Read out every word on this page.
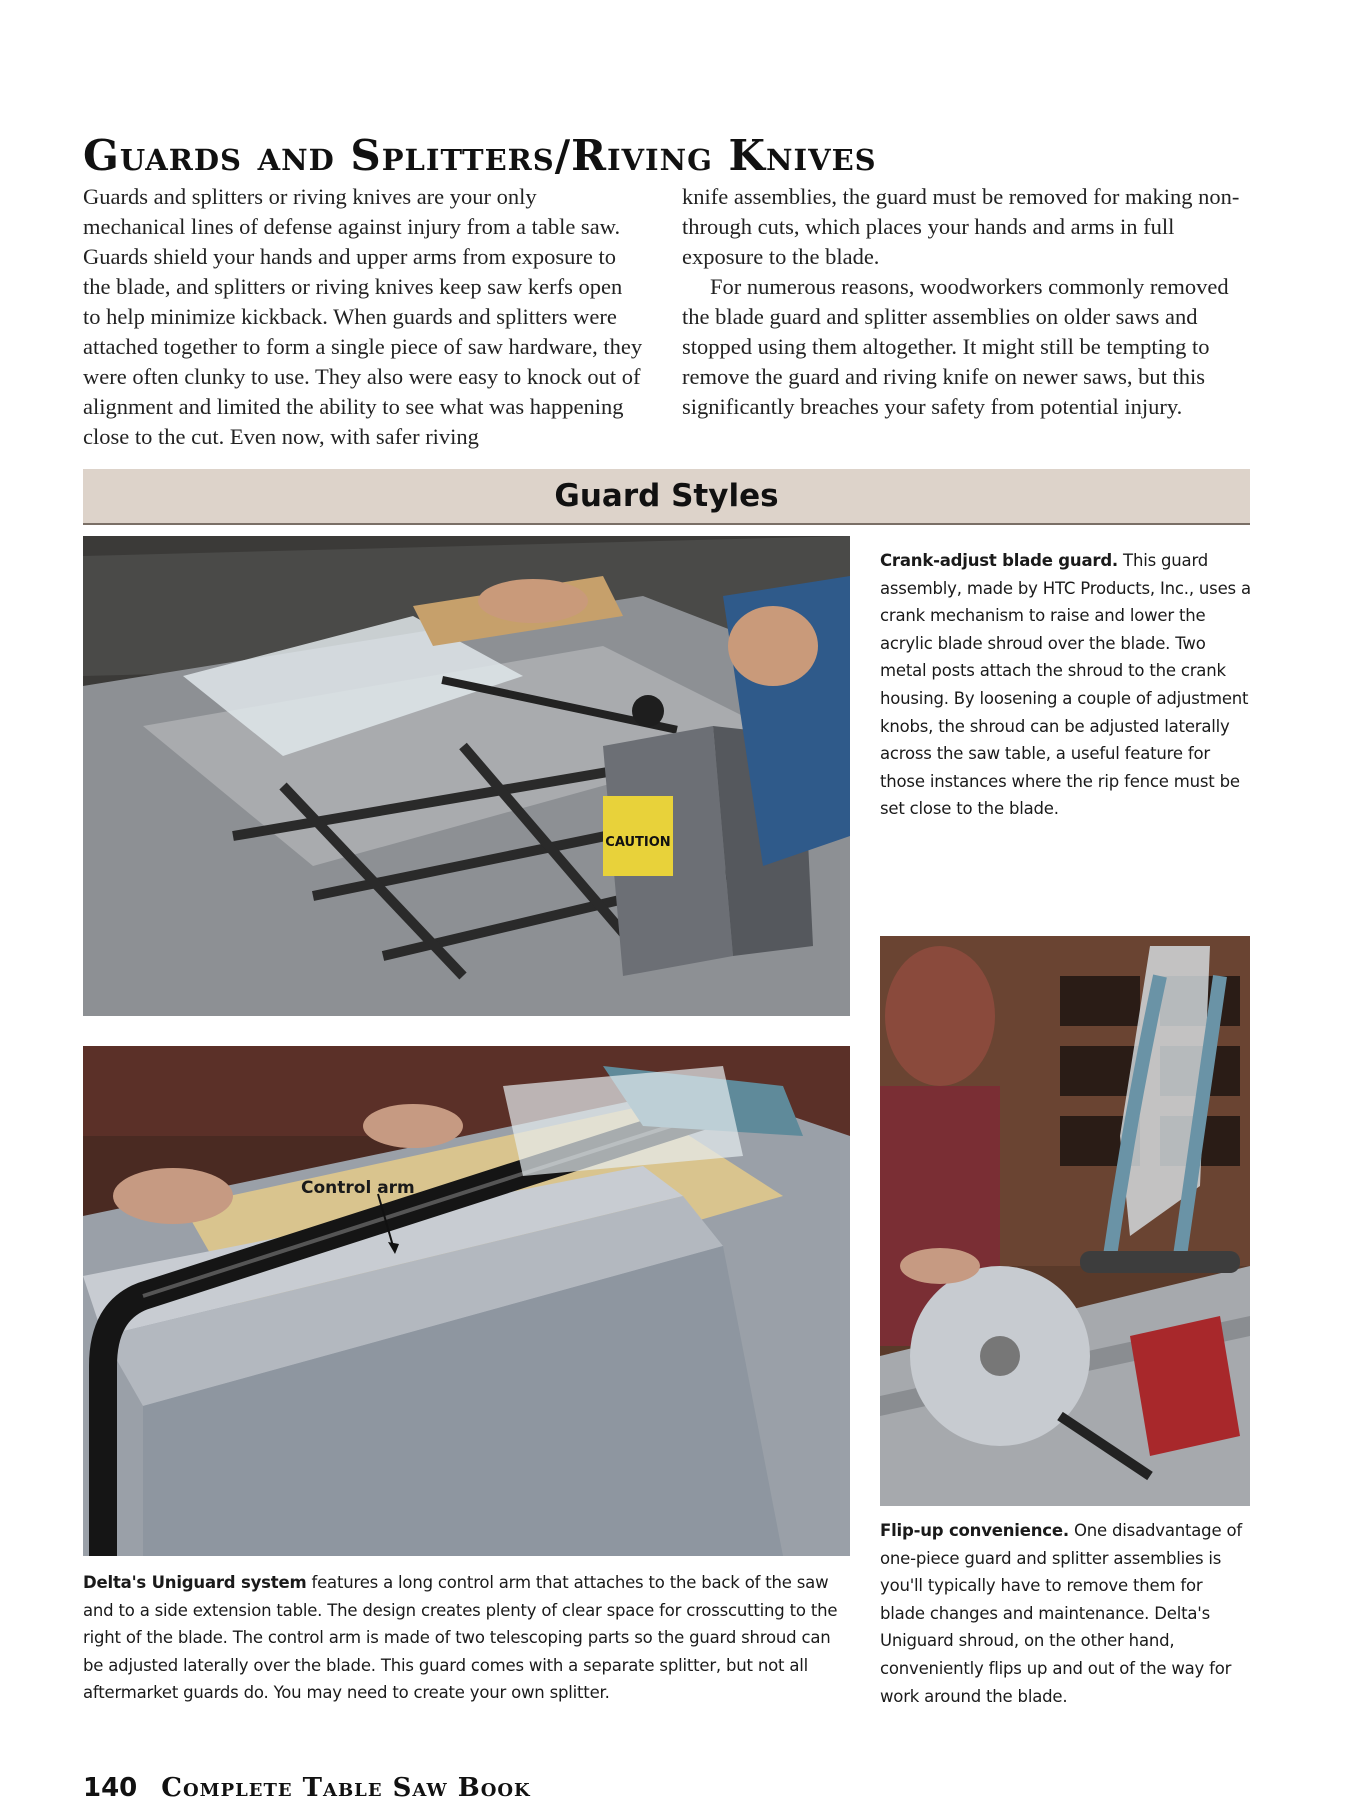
Guards and Splitters/Riving Knives

Guards and splitters or riving knives are your only mechanical lines of defense against injury from a table saw. Guards shield your hands and upper arms from exposure to the blade, and splitters or riving knives keep saw kerfs open to help minimize kickback. When guards and splitters were attached together to form a single piece of saw hardware, they were often clunky to use. They also were easy to knock out of alignment and limited the ability to see what was happening close to the cut. Even now, with safer riving

knife assemblies, the guard must be removed for making non-through cuts, which places your hands and arms in full exposure to the blade.

For numerous reasons, woodworkers commonly removed the blade guard and splitter assemblies on older saws and stopped using them altogether. It might still be tempting to remove the guard and riving knife on newer saws, but this significantly breaches your safety from potential injury.

Guard Styles
CAUTION
Control arm
Crank-adjust blade guard. This guard assembly, made by HTC Products, Inc., uses a crank mechanism to raise and lower the acrylic blade shroud over the blade. Two metal posts attach the shroud to the crank housing. By loosening a couple of adjustment knobs, the shroud can be adjusted laterally across the saw table, a useful feature for those instances where the rip fence must be set close to the blade.
Flip-up convenience. One disadvantage of one-piece guard and splitter assemblies is you'll typically have to remove them for blade changes and maintenance. Delta's Uniguard shroud, on the other hand, conveniently flips up and out of the way for work around the blade.
Delta's Uniguard system features a long control arm that attaches to the back of the saw and to a side extension table. The design creates plenty of clear space for crosscutting to the right of the blade. The control arm is made of two telescoping parts so the guard shroud can be adjusted laterally over the blade. This guard comes with a separate splitter, but not all aftermarket guards do. You may need to create your own splitter.
140 Complete Table Saw Book
